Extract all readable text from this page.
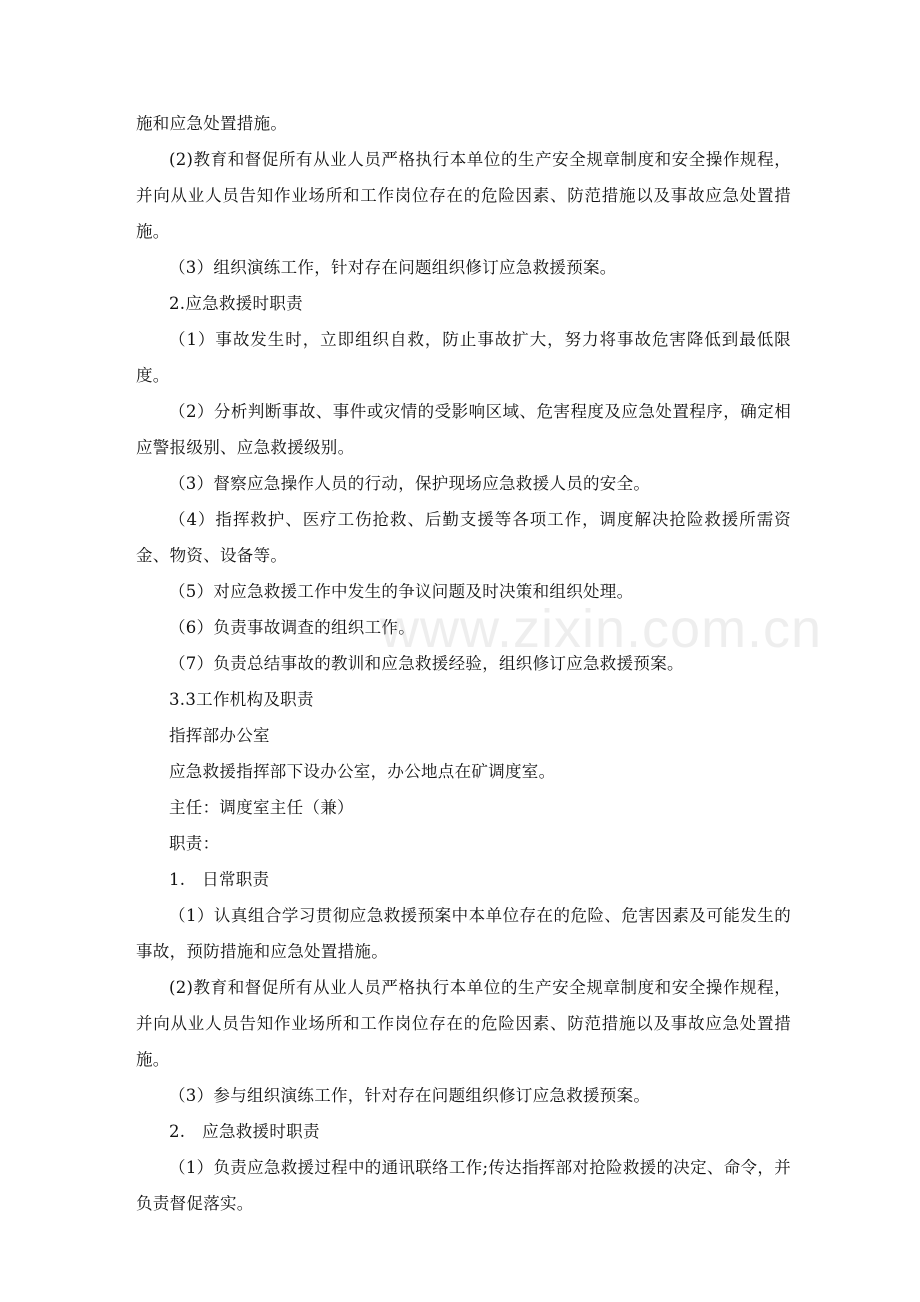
施和应急处置措施。

(2)教育和督促所有从业人员严格执行本单位的生产安全规章制度和安全操作规程，并向从业人员告知作业场所和工作岗位存在的危险因素、防范措施以及事故应急处置措施。

（3）组织演练工作，针对存在问题组织修订应急救援预案。

2.应急救援时职责

（1）事故发生时，立即组织自救，防止事故扩大，努力将事故危害降低到最低限度。

（2）分析判断事故、事件或灾情的受影响区域、危害程度及应急处置程序，确定相应警报级别、应急救援级别。

（3）督察应急操作人员的行动，保护现场应急救援人员的安全。

（4）指挥救护、医疗工伤抢救、后勤支援等各项工作，调度解决抢险救援所需资金、物资、设备等。

（5）对应急救援工作中发生的争议问题及时决策和组织处理。

（6）负责事故调查的组织工作。

（7）负责总结事故的教训和应急救援经验，组织修订应急救援预案。

3.3工作机构及职责

指挥部办公室

应急救援指挥部下设办公室，办公地点在矿调度室。

主任：调度室主任（兼）

职责：

1.　日常职责

（1）认真组合学习贯彻应急救援预案中本单位存在的危险、危害因素及可能发生的事故，预防措施和应急处置措施。

(2)教育和督促所有从业人员严格执行本单位的生产安全规章制度和安全操作规程，并向从业人员告知作业场所和工作岗位存在的危险因素、防范措施以及事故应急处置措施。

（3）参与组织演练工作，针对存在问题组织修订应急救援预案。

2.　应急救援时职责

（1）负责应急救援过程中的通讯联络工作;传达指挥部对抢险救援的决定、命令，并负责督促落实。

www.zixin.com.cn
